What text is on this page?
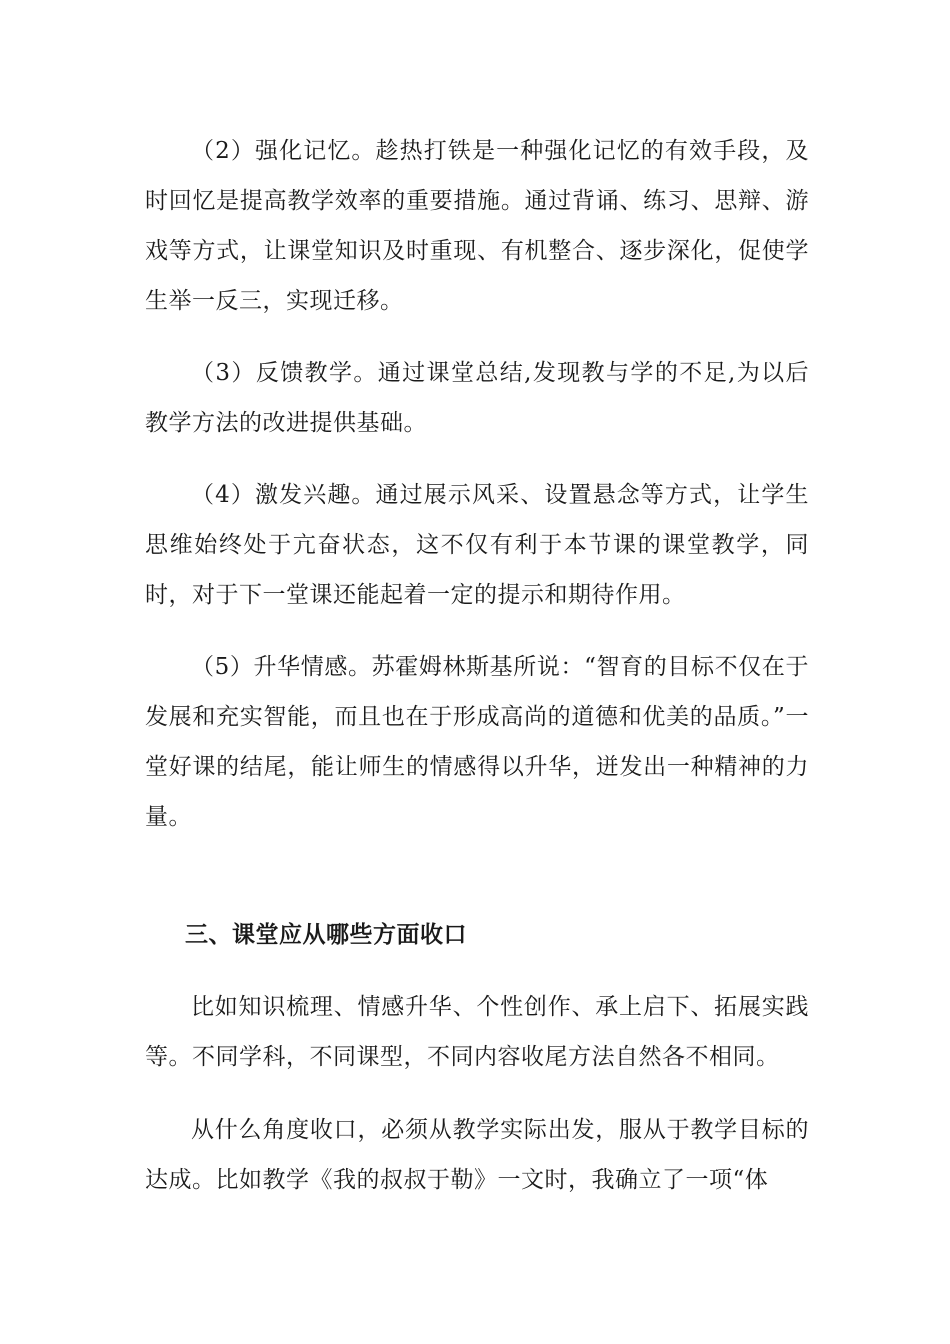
（2）强化记忆。趁热打铁是一种强化记忆的有效手段，及时回忆是提高教学效率的重要措施。通过背诵、练习、思辩、游戏等方式，让课堂知识及时重现、有机整合、逐步深化，促使学生举一反三，实现迁移。

（3）反馈教学。通过课堂总结,发现教与学的不足,为以后教学方法的改进提供基础。

（4）激发兴趣。通过展示风采、设置悬念等方式，让学生思维始终处于亢奋状态，这不仅有利于本节课的课堂教学，同时，对于下一堂课还能起着一定的提示和期待作用。

（5）升华情感。苏霍姆林斯基所说：“智育的目标不仅在于发展和充实智能，而且也在于形成高尚的道德和优美的品质。”一堂好课的结尾，能让师生的情感得以升华，迸发出一种精神的力量。

三、课堂应从哪些方面收口

比如知识梳理、情感升华、个性创作、承上启下、拓展实践等。不同学科，不同课型，不同内容收尾方法自然各不相同。

从什么角度收口，必须从教学实际出发，服从于教学目标的达成。比如教学《我的叔叔于勒》一文时，我确立了一项“体
